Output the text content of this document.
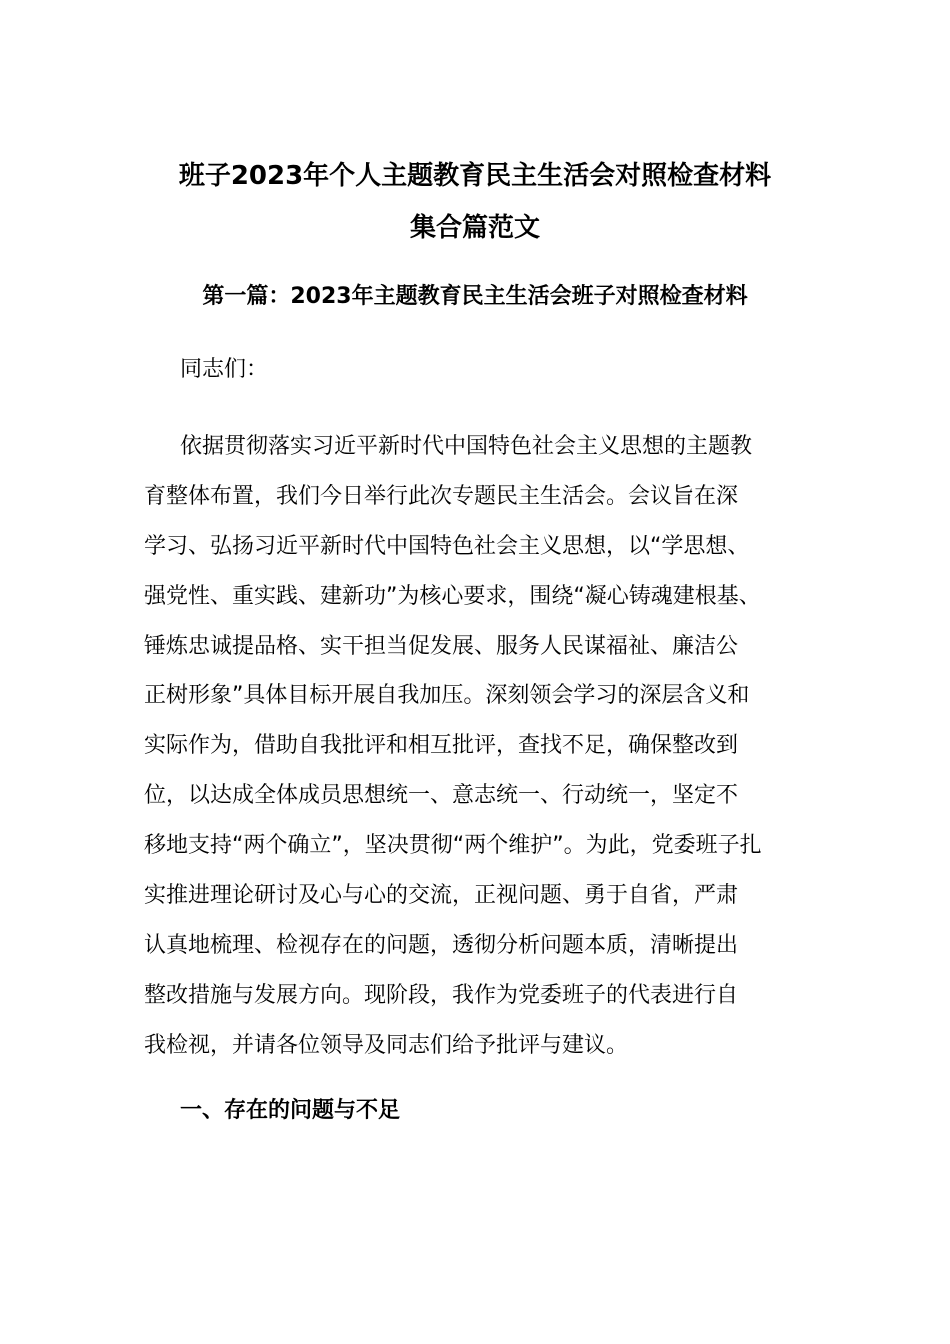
班子2023年个人主题教育民主生活会对照检查材料
集合篇范文
第一篇：2023年主题教育民主生活会班子对照检查材料
同志们：
依据贯彻落实习近平新时代中国特色社会主义思想的主题教
育整体布置，我们今日举行此次专题民主生活会。会议旨在深
学习、弘扬习近平新时代中国特色社会主义思想，以“学思想、
强党性、重实践、建新功”为核心要求，围绕“凝心铸魂建根基、
锤炼忠诚提品格、实干担当促发展、服务人民谋福祉、廉洁公
正树形象”具体目标开展自我加压。深刻领会学习的深层含义和
实际作为，借助自我批评和相互批评，查找不足，确保整改到
位，以达成全体成员思想统一、意志统一、行动统一，坚定不
移地支持“两个确立”，坚决贯彻“两个维护”。为此，党委班子扎
实推进理论研讨及心与心的交流，正视问题、勇于自省，严肃
认真地梳理、检视存在的问题，透彻分析问题本质，清晰提出
整改措施与发展方向。现阶段，我作为党委班子的代表进行自
我检视，并请各位领导及同志们给予批评与建议。
一、存在的问题与不足
